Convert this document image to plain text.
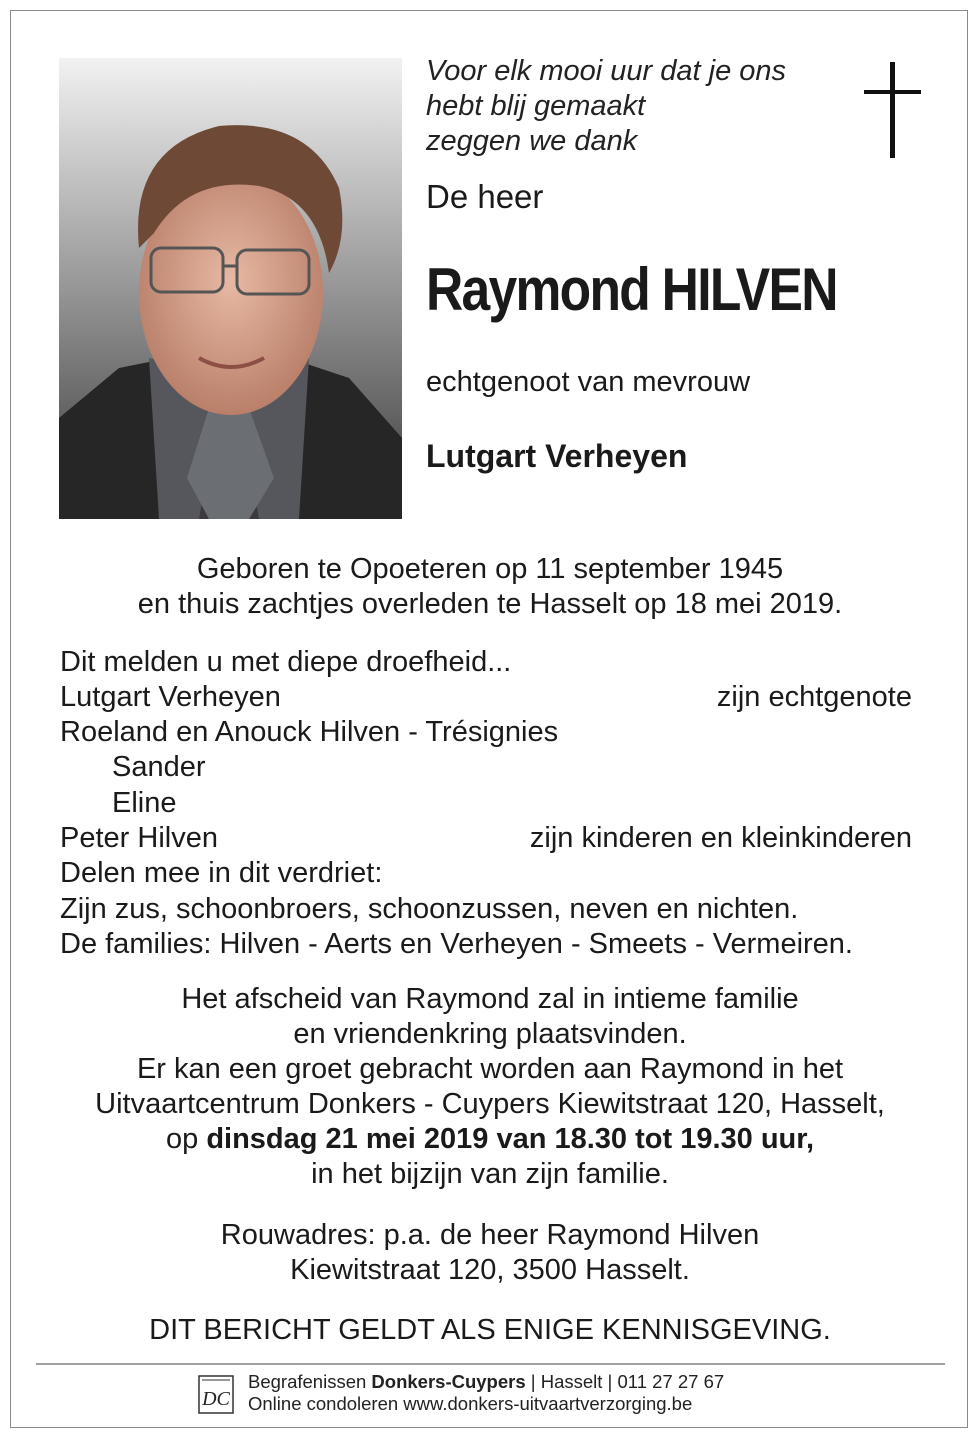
Voor elk mooi uur dat je ons
hebt blij gemaakt
zeggen we dank
De heer
Raymond HILVEN
echtgenoot van mevrouw
Lutgart Verheyen
Geboren te Opoeteren op 11 september 1945
en thuis zachtjes overleden te Hasselt op 18 mei 2019.
Dit melden u met diepe droefheid...
Lutgart Verheyen	zijn echtgenote
Roeland en Anouck Hilven - Trésignies
Sander
Eline
Peter Hilven	zijn kinderen en kleinkinderen
Delen mee in dit verdriet:
Zijn zus, schoonbroers, schoonzussen, neven en nichten.
De families: Hilven - Aerts en Verheyen - Smeets - Vermeiren.
Het afscheid van Raymond zal in intieme familie
en vriendenkring plaatsvinden.
Er kan een groet gebracht worden aan Raymond in het
Uitvaartcentrum Donkers - Cuypers Kiewitstraat 120, Hasselt,
op dinsdag 21 mei 2019 van 18.30 tot 19.30 uur,
in het bijzijn van zijn familie.
Rouwadres: p.a. de heer Raymond Hilven
Kiewitstraat 120, 3500 Hasselt.
DIT BERICHT GELDT ALS ENIGE KENNISGEVING.
DC
Begrafenissen Donkers-Cuypers | Hasselt | 011 27 27 67
Online condoleren www.donkers-uitvaartverzorging.be
